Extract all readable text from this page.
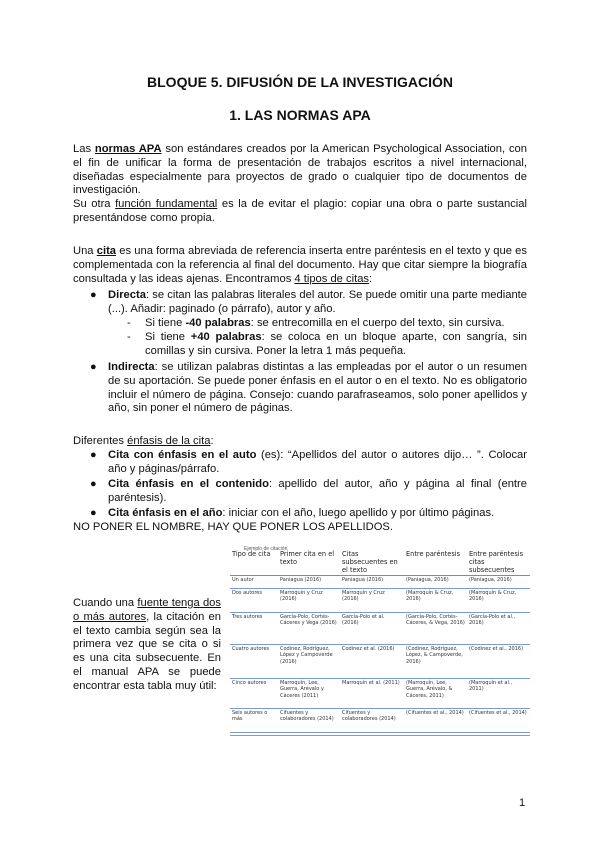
BLOQUE 5. DIFUSIÓN DE LA INVESTIGACIÓN
1. LAS NORMAS APA
Las normas APA son estándares creados por la American Psychological Association, con el fin de unificar la forma de presentación de trabajos escritos a nivel internacional, diseñadas especialmente para proyectos de grado o cualquier tipo de documentos de investigación.
Su otra función fundamental es la de evitar el plagio: copiar una obra o parte sustancial presentándose como propia.
Una cita es una forma abreviada de referencia inserta entre paréntesis en el texto y que es complementada con la referencia al final del documento. Hay que citar siempre la biografía consultada y las ideas ajenas. Encontramos 4 tipos de citas:
● Directa: se citan las palabras literales del autor. Se puede omitir una parte mediante (...). Añadir: paginado (o párrafo), autor y año.
- Si tiene -40 palabras: se entrecomilla en el cuerpo del texto, sin cursiva.
- Si tiene +40 palabras: se coloca en un bloque aparte, con sangría, sin comillas y sin cursiva. Poner la letra 1 más pequeña.
● Indirecta: se utilizan palabras distintas a las empleadas por el autor o un resumen de su aportación. Se puede poner énfasis en el autor o en el texto. No es obligatorio incluir el número de página. Consejo: cuando parafraseamos, solo poner apellidos y año, sin poner el número de páginas.
Diferentes énfasis de la cita:
● Cita con énfasis en el auto (es): “Apellidos del autor o autores dijo… ”. Colocar año y páginas/párrafo.
● Cita énfasis en el contenido: apellido del autor, año y página al final (entre paréntesis).
● Cita énfasis en el año: iniciar con el año, luego apellido y por último páginas.
NO PONER EL NOMBRE, HAY QUE PONER LOS APELLIDOS.
Cuando una fuente tenga dos o más autores, la citación en el texto cambia según sea la primera vez que se cita o si es una cita subsecuente. En el manual APA se puede encontrar esta tabla muy útil:
Ejemplo de citación
Tipo de cita	Primer cita en el texto	Citas subsecuentes en el texto	Entre paréntesis	Entre paréntesis citas subsecuentes
Un autor	Paniagua (2016)	Paniagua (2016)	(Paniagua, 2016)	(Paniagua, 2016)
Dos autores	Marroquín y Cruz (2016)	Marroquín y Cruz (2016)	(Marroquín & Cruz, 2016)	(Marroquín & Cruz, 2016)
Tres autores	García-Polo, Cortés-Cáceres y Vega (2016)	García-Polo et al. (2016)	(García-Polo, Cortés-Cáceres, & Vega, 2016)	(García-Polo et al., 2016)
Cuatro autores	Codinez, Rodríguez, López y Campoverde (2016)	Codinez et al. (2016)	(Codinez, Rodríguez, López, & Campoverde, 2016)	(Codinez et al., 2016)
Cinco autores	Marroquín, Lee, Guerra, Arévalo y Cáceres (2011)	Marroquín et al. (2011)	(Marroquín, Lee, Guerra, Arévalo, & Cáceres, 2011)	(Marroquín et al., 2011)
Seis autores o más	Cifuentes y colaboradores (2014)	Cifuentes y colaboradores (2014)	(Cifuentes et al., 2014)	(Cifuentes et al., 2014)
1
